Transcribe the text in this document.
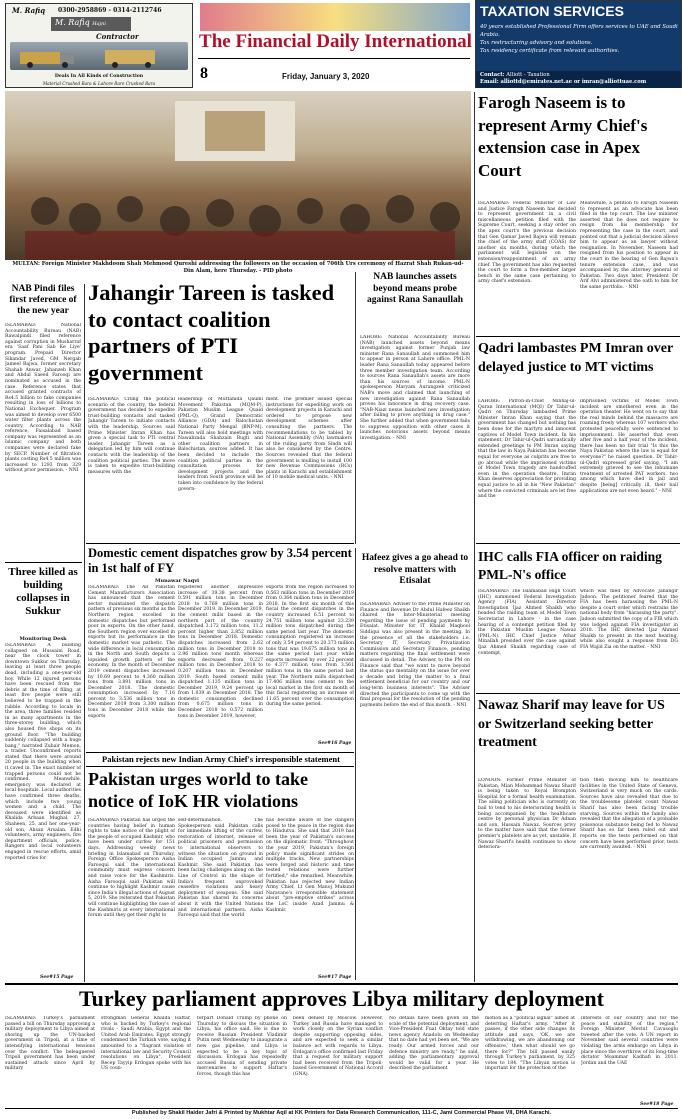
M. Rafiq 0300-2958869 - 0314-2112746
M. Rafiq Hajni
Contractor
Deals In All Kinds of Construction
Material Crushed Bara & Lahore Rare Crushed Bara
The Financial Daily International
8	Friday, January 3, 2020
TAXATION SERVICES
40 years established Professional Firm offers services to UAE and Saudi Arabia.
Tax restructuring advisory and solutions.
Tax residency certificate from relevant authorities.
Contact: Alliott - Taxation
Email: alliottd@emirates.net.ae or imran@alliottuae.com
MULTAN: Foreign Minister Makhdoom Shah Mehmood Qureshi addressing the followers on the occasion of 706th Urs ceremony of Hazrat Shah Rukan-ud-Din Alam, here Thursday. - PID photo
Farogh Naseem is to represent Army Chief's extension case in Apex Court

ISLAMABAD: Federal Minister of Law and Justice Farogh Naseem has decided to represent government in a civil miscellaneous petition filed with the Supreme Court, seeking a stay order on the apex court's the previous decision that Gen Qamar Javed Bajwa will remain the chief of the army staff (COAS) for another six months, during which the parliament will legislate on the extension/reappointment of an army chief. The government has also requested the court to form a five-member larger bench in the same case pertaining to army chief's extension.

Meanwhile, a petition fo Farogh Naseem to represent as an advocate has been filed in the top court. The law minister asserted that he does not require to resign from his membership for representing the case in the court, and pointed out that a judicial decision allows him to appear as an lawyer without resignation. In November, Naseem had resigned from his position to appear in the court in the hearing of Gen Bajwa's tenure extension case, and was accompanied by the attorney general of Pakistan. Two days later, President Dr Arif Alvi administered the oath to him for the same portfolio. - NNI

NAB Pindi files first reference of the new year

ISLAMABAD: National Accountability Bureau (NAB) Rawalpindi filed reference against corruption in Musharraf era 'Saaf Pani Sab Ke Liye' program. Prepaid Director Sikandar Javed, GM Nergab Jameel Bajwa, former secretary Shahab Anwar, Jahanzeb Khan and Abdul Saeed Farooqi are nominated as accused in the case. Reference states that accused granted contracts of Rs4.5 billion to fake companies resulting in loss of billions to National Exchequer. Program was aimed to develop over 6500 water filter plants across the country. According to NAB reference, Faisalabad based company was represented as an Islamic company and both companies were declared fake by SECP. Number of filtration plants costing Rs4.5 million was increased to 1293 from 329 without prior permission. - NNI

Three killed as building collapses in Sukkur
Monitoring Desk

ISLAMABAD: A building collapsed on Hussaini Road, near the clock tower in downtown Sukkur on Thursday, leaving at least three people dead, including a one-year-old boy. While 12 injured persons have been rescued from the debris at the time of filing, at least five people were still believed to be trapped in the rubble. According to locals in the area, three families resided in as many apartments in the three-storey building, which also housed five shops on its ground floor. "The building suddenly collapsed with a huge bang," narrated Zubair Memon, a trader. Unconfirmed reports stated that there were around 20 people in the building when it caved in. The exact number of trapped persons could not be confirmed. Meanwhile, emergency was declared at local hospitals. Local authorities have confirmed three deaths, which include two young women and a child. The deceased were identified as Khalida Arbaan Mughal, 27, Shaheen, 25, and her one-year-old son, Ahsan Arsalan. Edhi volunteers, army engineers, fire department officials, police, Rangers and local volunteers engaged in rescue efforts, amid reported cries for

See#15 Page
Jahangir Tareen is tasked to contact coalition partners of PTI government

ISLAMABAD: Citing the political scenario of the country, the federal government has decided to expedite trust-building contacts and tasked Jahangir Tareen to initiate contacts with the leadership. Sources said Prime Minister Imran Khan has given a special task to PTI central leader, Jahangir Tareen as a delegation led by him will continue contacts with the leadership of the coalition political parties. The move is taken to expedite trust-building measures with the

leadership of Muttahida Qaumi Movement Pakistan (MQM-P), Pakistan Muslim League Quaid (PML-Q), Grand Democratic Alliance (GDA) and Balochistan National Party Mengal (BNP-M). Tareen will also hold meetings with Nawabzada Shahzain Bugti and other coalition partners in Balochistan, sources added. It has been decided to include the coalition political parties in the consultation process for development projects and the leaders from South province will be taken into confidence by the federal govern-

ment. The premier issued special instructions for expediting work on development projects in Karachi and ordered to propose new development schemes after consulting the partners. The recommendations to be tabled by National Assembly (NA) lawmakers of the ruling party from Sindh will also be considered by the Centre. Sources revealed that the federal government is mulling to install 100 new Revenue Commissions (RCs) plants in Karachi and establishment of 10 mobile medical units. - NNI

NAB launches assets beyond means probe against Rana Sanaullah

LAHORE: National Accountability Bureau (NAB) launched assets beyond means investigation against former Punjab law minister Rana Sanaullah and summoned him to appear in person at Lahore office. PML-N leader Rana Sanaullah today appeared before three member investigation team. According to sources Rana Sanaullah's assets are more than his sources of income. PML-N spokesperson Maryam Aurangzeb criticized NAB's move and claimed that launching of new investigation against Rana Sanaullah proves his innocence in drug recovery case. "NAB-Niazi nexus launched new investigation after failing to prove anything in drug case." She further added that when government fails to suppress opposition with other cases it launches notorious assets beyond means investigation. - NNI

Qadri lambastes PM Imran over delayed justice to MT victims

LAHORE: Patron-in-Chief Minhaj-ul-Quran International (MQI) Dr Tahir-ul-Qadri on Thursday lambasted Prime Minister Imran Khan saying that the government has changed but nothing has been done for the martyrs and innocent captives of Model Town incident. In his statement, Dr Tahir-ul-Qadri sarcastically extended greetings to PM Imran saying that the law in Naya Pakistan has become equal for everyone as culprits are free to go abroad while the imprisoned victims of Model Town tragedy are handcuffed even in the operation theatre. Imran Khan deserves appreciation for providing equal justice to all in his "New Pakistan" where the convicted criminals are let free and the

imprisoned victims of Model Town incident are smothered even in the operation theater. He went on to say that the real minds behind the massacre are roaming freely whereas 107 workers who protested peacefully were sentenced to imprisonment. He asserted that even after five and a half year of the incident, there has been no fair trial "Is this the Naya Pakistan where the law is equal for everyone?" he raised question. Dr Tahir-ul-Qadri expressed grief saying, "I am extremely grieved to see the inhumane treatment of arrested PAT workers, two among which have died in jail and despite [being] critically ill, their bail applications are not even heard." - NNI

Domestic cement dispatches grow by 3.54 percent in 1st half of FY
Munawar Naqvi

ISLAMABAD: The All Pakistan Cement Manufacturers Association has announced that the cement sector maintained the dispatch pattern of previous six months as the Northern region excelled in domestic dispatches but performed poor in exports. On the other hand, the Southern region over excelled in exports but its performance in the domestic market was pathetic. The wide difference in local consumption in the North and South depicts a lopsided growth pattern of the economy. In the month of December 2019 cement dispatches increased by 10.69 percent to 4.360 million tons from 3.891 million tons in December 2018. The domestic consumption increased by 7.16 percent to 3.536 million tons in December 2019 from 3.300 million tons in December 2018 while the exports

registered another impressive increase of 39.38 percent from 0.591 million tons in December 2018 to 0.769 million tons in December 2019. In December 2019, the cement mills based in the northern part of the country dispatched 3.172 million tons, 11.2 percent higher than 2.852 million tons in December 2018. Domestic dispatches increased from 2.62 million tons in December 2018 to 2.96 million tons month whereas exports decreased from 0.227 million tons in December 2018 to 0.207 million tons in December 2019. South based cement mills dispatched 1.135 million tons in December 2019, 9.24 percent up from 1.039 in December 2018. The domestic consumption declined from 0.675 million tons in December 2018 to 0.572 million tons in December 2019, however,

exports from the region increased to 0.563 million tons in December 2019 from 0.364 million tons in December 2018. In the first six month of this fiscal the cement dispatches in the country increased 6.51 percent to 24.751 million tons against 23.239 million tons dispatched during the same period last year. The domestic consumption registered an increase of only 3.54 percent to 20.373 million tons that was 19.675 million tons in the same period last year while exports increased by over 22 percent to 4.377 million tons from 3.561 million tons in the same period last year. The Northern mills dispatched 17.406 million tons cement to the local market in the first six month of this fiscal registering an increase of 11.65 percent over the consumption during the same period.

See#16 Page
Hafeez gives a go ahead to resolve matters with Etisalat

ISLAMABAD: Adviser to the Prime Minister on Finance and Revenue Dr Abdul Hafeez Shaikh chaired the Inter-Ministerial meeting regarding the issue of pending payments by Etisalat. Minister for IT Khalid Maqbool Siddiqui was also present in the meeting. In the presence of all the stakeholders i.e. Secretary IT, Secretary Privatization Commission and Secretary Finance, pending matters regarding the final settlement were discussed in detail. The Adviser to the PM on Finance said that "we want to move beyond the status quo mentality on the issue for over a decade and bring the matter to a final settlement beneficial for our country and our long-term business interests". The Adviser directed the participants to come up with the final proposal for the resolution of the pending payments before the end of this month. - NNI

IHC calls FIA officer on raiding PML-N's office

ISLAMABAD: The Islamabad High Court (IHC) summoned Federal Investigation Agency (FIA) Assistant Director Investigation Ijaz Ahmed Shaikh who headed the raiding team at Model Town Secretariat in Lahore - in the case hearing of a contempt petition filed by the Pakistan Muslim League Nawaz (PML-N). IHC Chief Justice Athar Minallah presided over the case against Ijaz Ahmed Shaikh regarding case of contempt,

which was filed by Advocate Jahangir Jadoon. The petitioner feared that the FIA has been harassing the PML-N despite a court order which restrains the national body from "harassing the party". Jadoon submitted the copy of a FIR which was lodged against FIA investigator in 2018. The IHC directed Ijaz Ahmed Shaikh to present in the next hearing, while also sought a response from DG FIA Wajid Zia on the matter. - NNI

Pakistan rejects new Indian Army Chief's irresponsible statement
Pakistan urges world to take notice of IoK HR violations

ISLAMABAD: Pakistan has urged the countries having belief in human rights to take notice of the plight of the people of occupied Kashmir, who have been under curfew for 151 days. Addressing weekly news briefing in Islamabad on Thursday, Foreign Office Spokesperson Aisha Farooqui said the international community must express concern and raise voice for the Kashmiris. Aisha Farooqui said Pakistan will continue to highlight Kashmir cause since India's illegal actions of August 5, 2019. She reiterated that Pakistan will continue highlighting the case of the Kashmiris at every international forum until they get their right to

self-determination. The Spokesperson said Pakistan calls for immediate lifting of the curfew, restoration of internet, release of political prisoners and permission to international observers to witness the situation on ground in Indian occupied Jammu and Kashmir. She said Pakistan has been facing challenges along on the Line of Control in the shape of India's frequent unprovoked ceasefire violations and heavy deployment of weapons. She said Pakistan has shared its concerns about it with the United Nations and international partners. Aisha Farooqui said that the world

has become aware of the dangers posed to the peace in the region due to Hindutva. She said that 2019 has been the year of Pakistan's success on the diplomatic front: "Throughout the year 2019, Pakistan's foreign policy made significant strides on multiple tracks. New partnerships were forged and historic and time tested relations were further fortified," she remarked. Meanwhile, Pakistan has rejected new Indian Army Chief, Lt Gen Manoj Mukund Naravane's irresponsible statement about "pre-emptive strikes" across the LoC inside Azad Jammu & Kashmir.

See#17 Page
Nawaz Sharif may leave for US or Switzerland seeking better treatment

LONDON: Former Prime Minister of Pakistan, Mian Mohammad Nawaz Sharif is being taken to Royal Brompton Hospital for a formal health examination. The ailing politician who is currently on bail to tend to his deteriorating health is being accompanied by the healthcare centre by personal physician Dr Adnan and son, Hussain Nawaz. Sources privy to the matter have said that the former premier's platelets are as yet, unstable. If Nawaz Sharif's health continues to show deteriora-

tion then moving him to healthcare facilities in the United State of Geneva, Switzerland is very much on the cards. Sources have also revealed that due to the troublesome platelet count Nawaz Sharif has also been facing trouble starving. Sources within the family also revealed that the allegation of a probable poisonous substance being fed to Nawaz Sharif has so far been ruled out and reports on the tests performed on that concern have been performed prior, tests are currently awaited. - NNI

Turkey parliament approves Libya military deployment

ISLAMABAD: Turkey's parliament passed a bill on Thursday approving a military deployment to Libya aimed at shoring up the UN-backed government in Tripoli, at a time of intensifying international tensions over the conflict. The beleaguered Tripoli government has been under sustained attack since April by military

strongman General Khalifa Haftar, who is backed by Turkey's regional rivals - Saudi Arabia, Egypt and the United Arab Emirates. Egypt strongly condemned the Turkish vote, saying it amounted to a "flagrant violation of international law and Security Council resolutions on Libya". President Recep Tayyip Erdogan spoke with his US coun-

terpart Donald Trump by phone on Thursday to discuss the situation in Libya, his office said. He is due to receive Russian President Vladimir Putin next Wednesday to inaugurate a new gas pipeline, and Libya is expected to be a key topic of discussion. Erdogan has repeatedly accused Russia of sending private mercenaries to support Haftar's forces, though this has

been denied by Moscow. However, Turkey and Russia have managed to work closely on the Syrian conflict despite supporting opposing sides, and are expected to seek a similar balance act with regards to Libya. Erdogan's office confirmed last Friday that a request for military support had been received from the Tripoli-based Government of National Accord (GNA).

No details have been given on the scale of the potential deployment, and Vice-President Fuat Oktay told state news agency Anadolu on Wednesday that no date had yet been set. "We are ready. Our armed forces and our defence ministry are ready," he said, adding the parliamentary approval would be valid for a year. He described the parliament

motion as a "political signal" aimed at deterring Haftar's army. "After it passes, if the other side changes its attitude and says, 'OK, we are withdrawing, we are abandoning our offensive,' then what should we go there for?" The bill passed easily through Turkey's parliament, by 325 votes to 184. "The Libyan motion is important for the protection of the

interests of our country and for the peace and stability of the region," Foreign Minister Mevlut Cavusoglu tweeted after the vote. A UN report in November said several countries were violating the arms embargo on Libya in place since the overthrow of its long-time dictator Moammar Kadhafi in 2011. Jordan and the UAE

See#18 Page
Published by Shakil Haider Jafri & Printed by Mukhtar Aqil at KK Printers for Data Research Communication, 111-C, Jami Commercial Phase VII, DHA Karachi.
